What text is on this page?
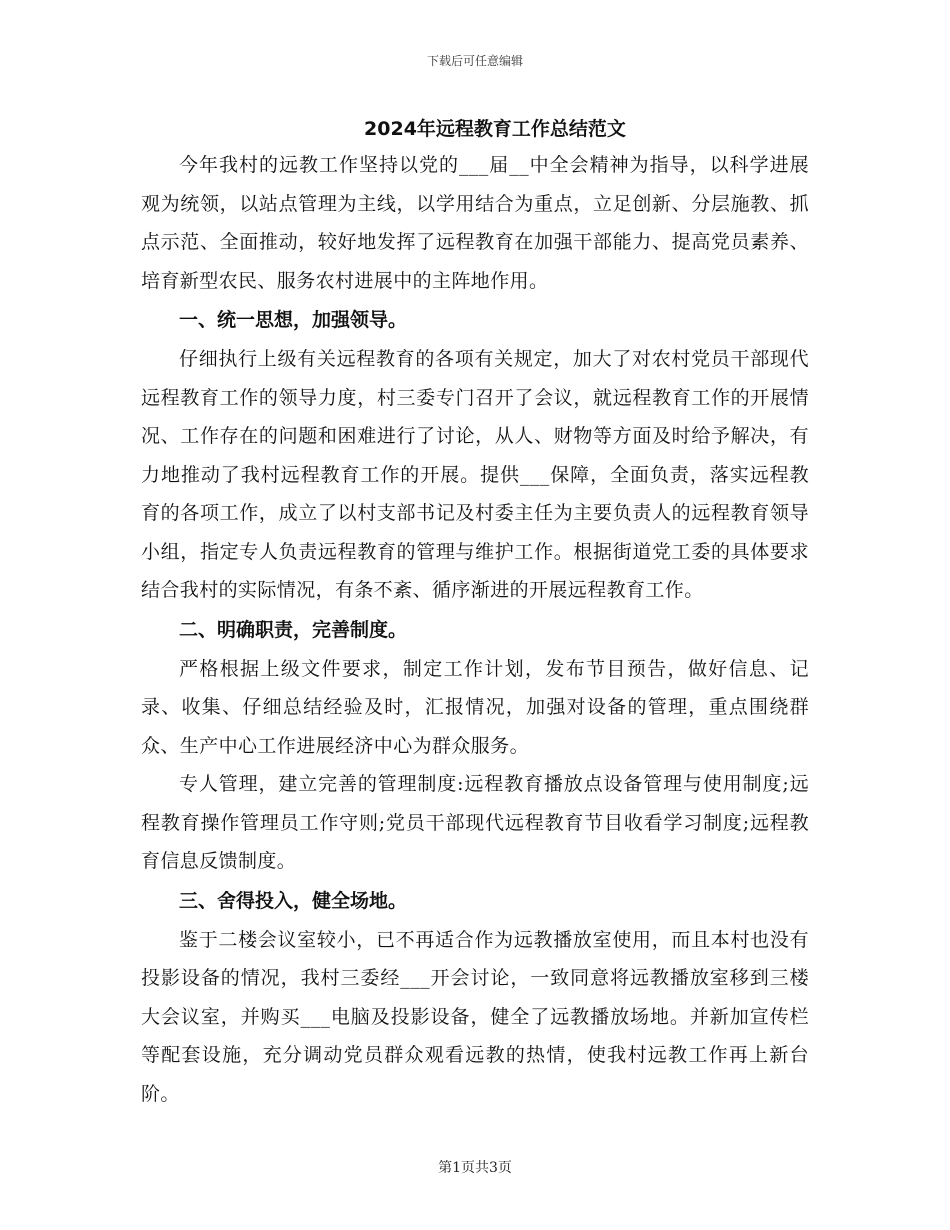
下载后可任意编辑
2024年远程教育工作总结范文

今年我村的远教工作坚持以党的___届__中全会精神为指导，以科学进展观为统领，以站点管理为主线，以学用结合为重点，立足创新、分层施教、抓点示范、全面推动，较好地发挥了远程教育在加强干部能力、提高党员素养、培育新型农民、服务农村进展中的主阵地作用。

一、统一思想，加强领导。

仔细执行上级有关远程教育的各项有关规定，加大了对农村党员干部现代远程教育工作的领导力度，村三委专门召开了会议，就远程教育工作的开展情况、工作存在的问题和困难进行了讨论，从人、财物等方面及时给予解决，有力地推动了我村远程教育工作的开展。提供___保障，全面负责，落实远程教育的各项工作，成立了以村支部书记及村委主任为主要负责人的远程教育领导小组，指定专人负责远程教育的管理与维护工作。根据街道党工委的具体要求结合我村的实际情况，有条不紊、循序渐进的开展远程教育工作。

二、明确职责，完善制度。

严格根据上级文件要求，制定工作计划，发布节目预告，做好信息、记录、收集、仔细总结经验及时，汇报情况，加强对设备的管理，重点围绕群众、生产中心工作进展经济中心为群众服务。

专人管理，建立完善的管理制度:远程教育播放点设备管理与使用制度;远程教育操作管理员工作守则;党员干部现代远程教育节目收看学习制度;远程教育信息反馈制度。

三、舍得投入，健全场地。

鉴于二楼会议室较小，已不再适合作为远教播放室使用，而且本村也没有投影设备的情况，我村三委经___开会讨论，一致同意将远教播放室移到三楼大会议室，并购买___电脑及投影设备，健全了远教播放场地。并新加宣传栏等配套设施，充分调动党员群众观看远教的热情，使我村远教工作再上新台阶。

第1页共3页
